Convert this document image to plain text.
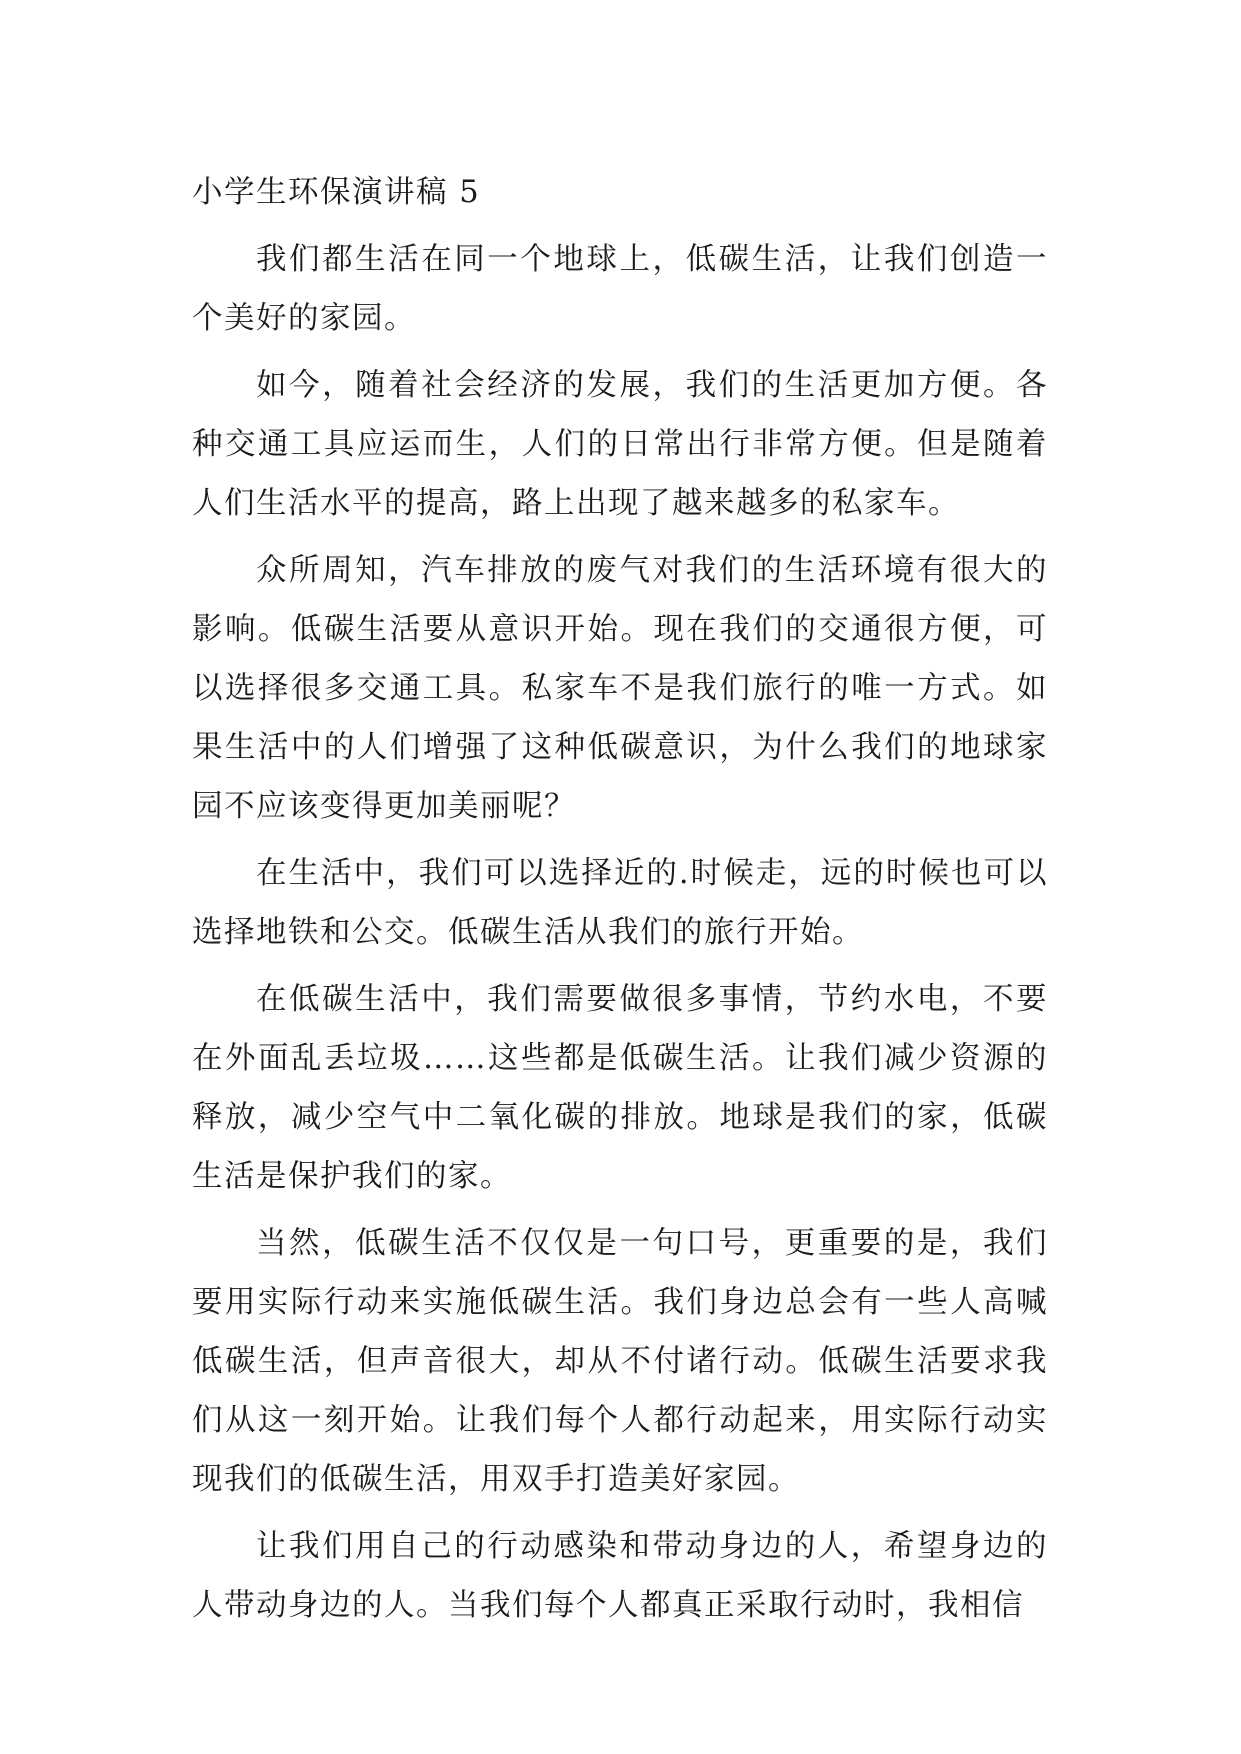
小学生环保演讲稿 5

我们都生活在同一个地球上，低碳生活，让我们创造一个美好的家园。

如今，随着社会经济的发展，我们的生活更加方便。各种交通工具应运而生，人们的日常出行非常方便。但是随着人们生活水平的提高，路上出现了越来越多的私家车。

众所周知，汽车排放的废气对我们的生活环境有很大的影响。低碳生活要从意识开始。现在我们的交通很方便，可以选择很多交通工具。私家车不是我们旅行的唯一方式。如果生活中的人们增强了这种低碳意识，为什么我们的地球家园不应该变得更加美丽呢？

在生活中，我们可以选择近的.时候走，远的时候也可以选择地铁和公交。低碳生活从我们的旅行开始。

在低碳生活中，我们需要做很多事情，节约水电，不要在外面乱丢垃圾……这些都是低碳生活。让我们减少资源的释放，减少空气中二氧化碳的排放。地球是我们的家，低碳生活是保护我们的家。

当然，低碳生活不仅仅是一句口号，更重要的是，我们要用实际行动来实施低碳生活。我们身边总会有一些人高喊低碳生活，但声音很大，却从不付诸行动。低碳生活要求我们从这一刻开始。让我们每个人都行动起来，用实际行动实现我们的低碳生活，用双手打造美好家园。

让我们用自己的行动感染和带动身边的人，希望身边的人带动身边的人。当我们每个人都真正采取行动时，我相信
